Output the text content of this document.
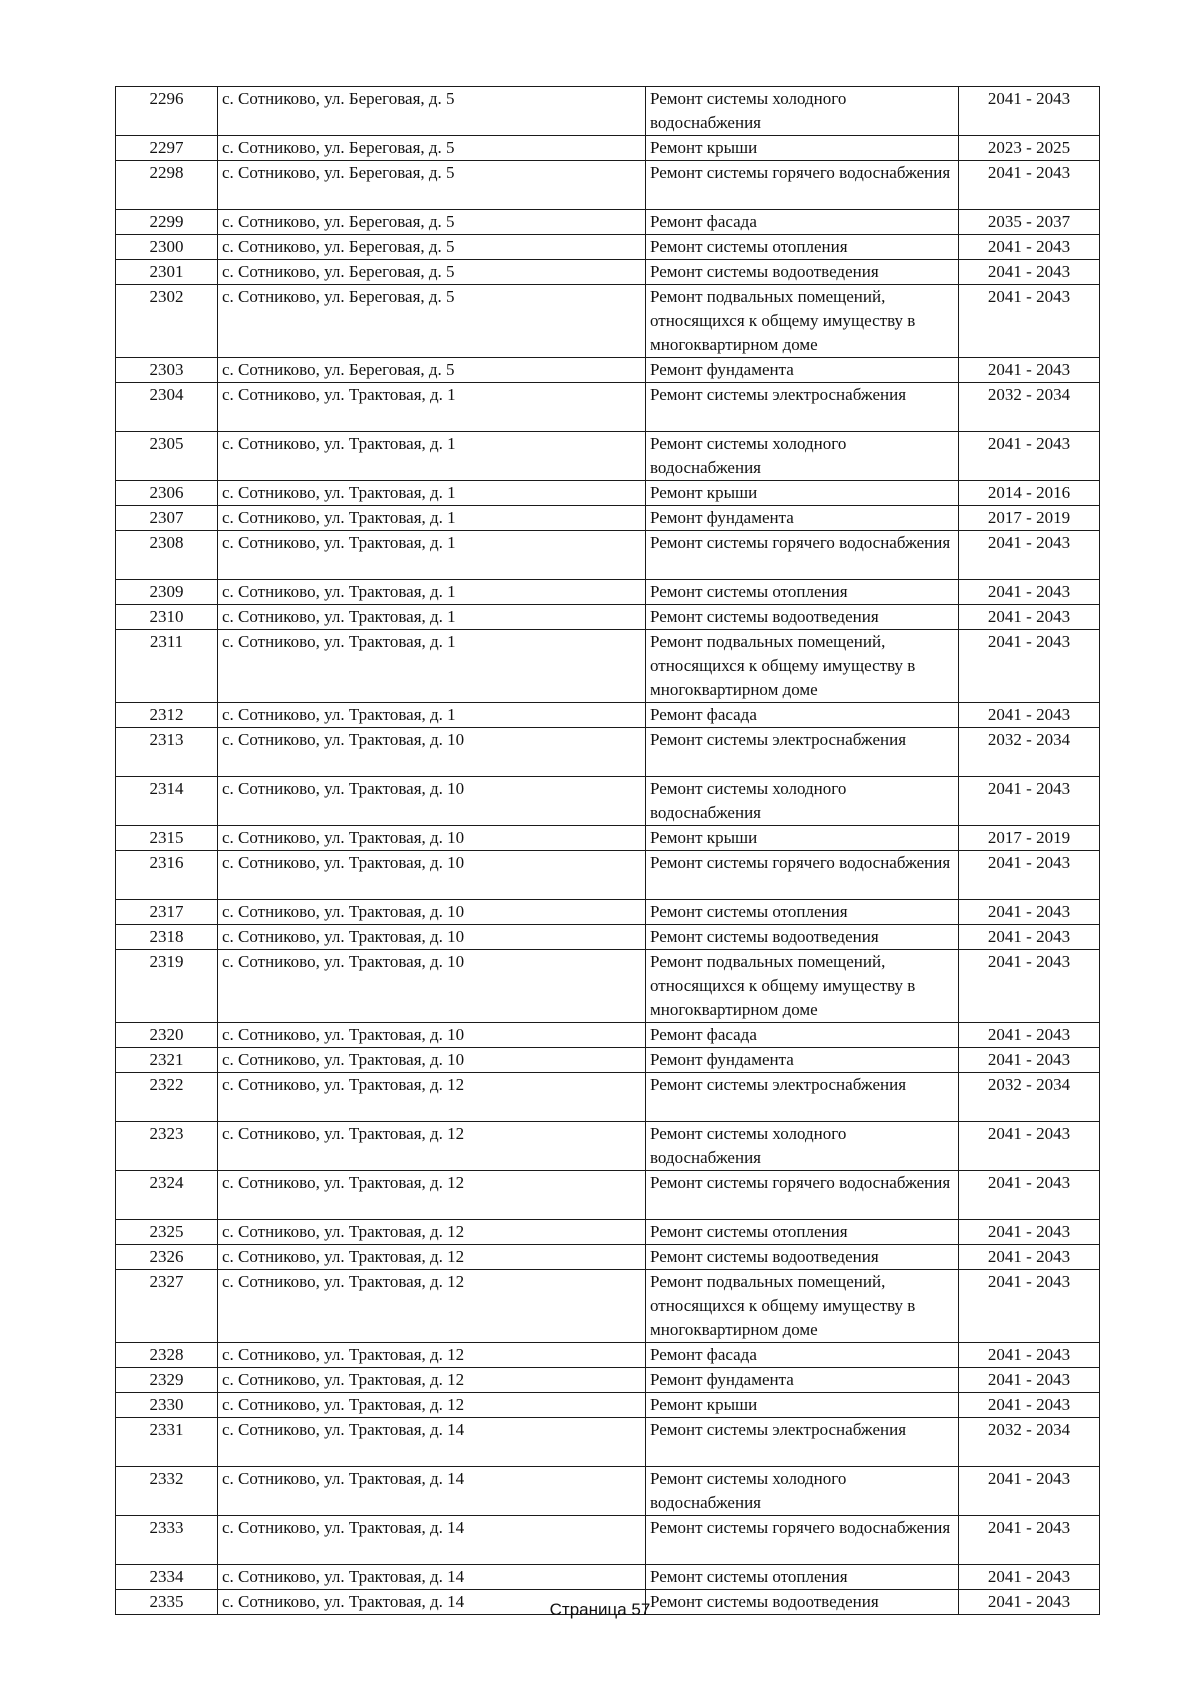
2296	с. Сотниково, ул. Береговая, д. 5	Ремонт системы холодного водоснабжения	2041 - 2043
2297	с. Сотниково, ул. Береговая, д. 5	Ремонт крыши	2023 - 2025
2298	с. Сотниково, ул. Береговая, д. 5	Ремонт системы горячего водоснабжения	2041 - 2043
2299	с. Сотниково, ул. Береговая, д. 5	Ремонт фасада	2035 - 2037
2300	с. Сотниково, ул. Береговая, д. 5	Ремонт системы отопления	2041 - 2043
2301	с. Сотниково, ул. Береговая, д. 5	Ремонт системы водоотведения	2041 - 2043
2302	с. Сотниково, ул. Береговая, д. 5	Ремонт подвальных помещений, относящихся к общему имуществу в многоквартирном доме	2041 - 2043
2303	с. Сотниково, ул. Береговая, д. 5	Ремонт фундамента	2041 - 2043
2304	с. Сотниково, ул. Трактовая, д. 1	Ремонт системы электроснабжения	2032 - 2034
2305	с. Сотниково, ул. Трактовая, д. 1	Ремонт системы холодного водоснабжения	2041 - 2043
2306	с. Сотниково, ул. Трактовая, д. 1	Ремонт крыши	2014 - 2016
2307	с. Сотниково, ул. Трактовая, д. 1	Ремонт фундамента	2017 - 2019
2308	с. Сотниково, ул. Трактовая, д. 1	Ремонт системы горячего водоснабжения	2041 - 2043
2309	с. Сотниково, ул. Трактовая, д. 1	Ремонт системы отопления	2041 - 2043
2310	с. Сотниково, ул. Трактовая, д. 1	Ремонт системы водоотведения	2041 - 2043
2311	с. Сотниково, ул. Трактовая, д. 1	Ремонт подвальных помещений, относящихся к общему имуществу в многоквартирном доме	2041 - 2043
2312	с. Сотниково, ул. Трактовая, д. 1	Ремонт фасада	2041 - 2043
2313	с. Сотниково, ул. Трактовая, д. 10	Ремонт системы электроснабжения	2032 - 2034
2314	с. Сотниково, ул. Трактовая, д. 10	Ремонт системы холодного водоснабжения	2041 - 2043
2315	с. Сотниково, ул. Трактовая, д. 10	Ремонт крыши	2017 - 2019
2316	с. Сотниково, ул. Трактовая, д. 10	Ремонт системы горячего водоснабжения	2041 - 2043
2317	с. Сотниково, ул. Трактовая, д. 10	Ремонт системы отопления	2041 - 2043
2318	с. Сотниково, ул. Трактовая, д. 10	Ремонт системы водоотведения	2041 - 2043
2319	с. Сотниково, ул. Трактовая, д. 10	Ремонт подвальных помещений, относящихся к общему имуществу в многоквартирном доме	2041 - 2043
2320	с. Сотниково, ул. Трактовая, д. 10	Ремонт фасада	2041 - 2043
2321	с. Сотниково, ул. Трактовая, д. 10	Ремонт фундамента	2041 - 2043
2322	с. Сотниково, ул. Трактовая, д. 12	Ремонт системы электроснабжения	2032 - 2034
2323	с. Сотниково, ул. Трактовая, д. 12	Ремонт системы холодного водоснабжения	2041 - 2043
2324	с. Сотниково, ул. Трактовая, д. 12	Ремонт системы горячего водоснабжения	2041 - 2043
2325	с. Сотниково, ул. Трактовая, д. 12	Ремонт системы отопления	2041 - 2043
2326	с. Сотниково, ул. Трактовая, д. 12	Ремонт системы водоотведения	2041 - 2043
2327	с. Сотниково, ул. Трактовая, д. 12	Ремонт подвальных помещений, относящихся к общему имуществу в многоквартирном доме	2041 - 2043
2328	с. Сотниково, ул. Трактовая, д. 12	Ремонт фасада	2041 - 2043
2329	с. Сотниково, ул. Трактовая, д. 12	Ремонт фундамента	2041 - 2043
2330	с. Сотниково, ул. Трактовая, д. 12	Ремонт крыши	2041 - 2043
2331	с. Сотниково, ул. Трактовая, д. 14	Ремонт системы электроснабжения	2032 - 2034
2332	с. Сотниково, ул. Трактовая, д. 14	Ремонт системы холодного водоснабжения	2041 - 2043
2333	с. Сотниково, ул. Трактовая, д. 14	Ремонт системы горячего водоснабжения	2041 - 2043
2334	с. Сотниково, ул. Трактовая, д. 14	Ремонт системы отопления	2041 - 2043
2335	с. Сотниково, ул. Трактовая, д. 14	Ремонт системы водоотведения	2041 - 2043
Страница 57
